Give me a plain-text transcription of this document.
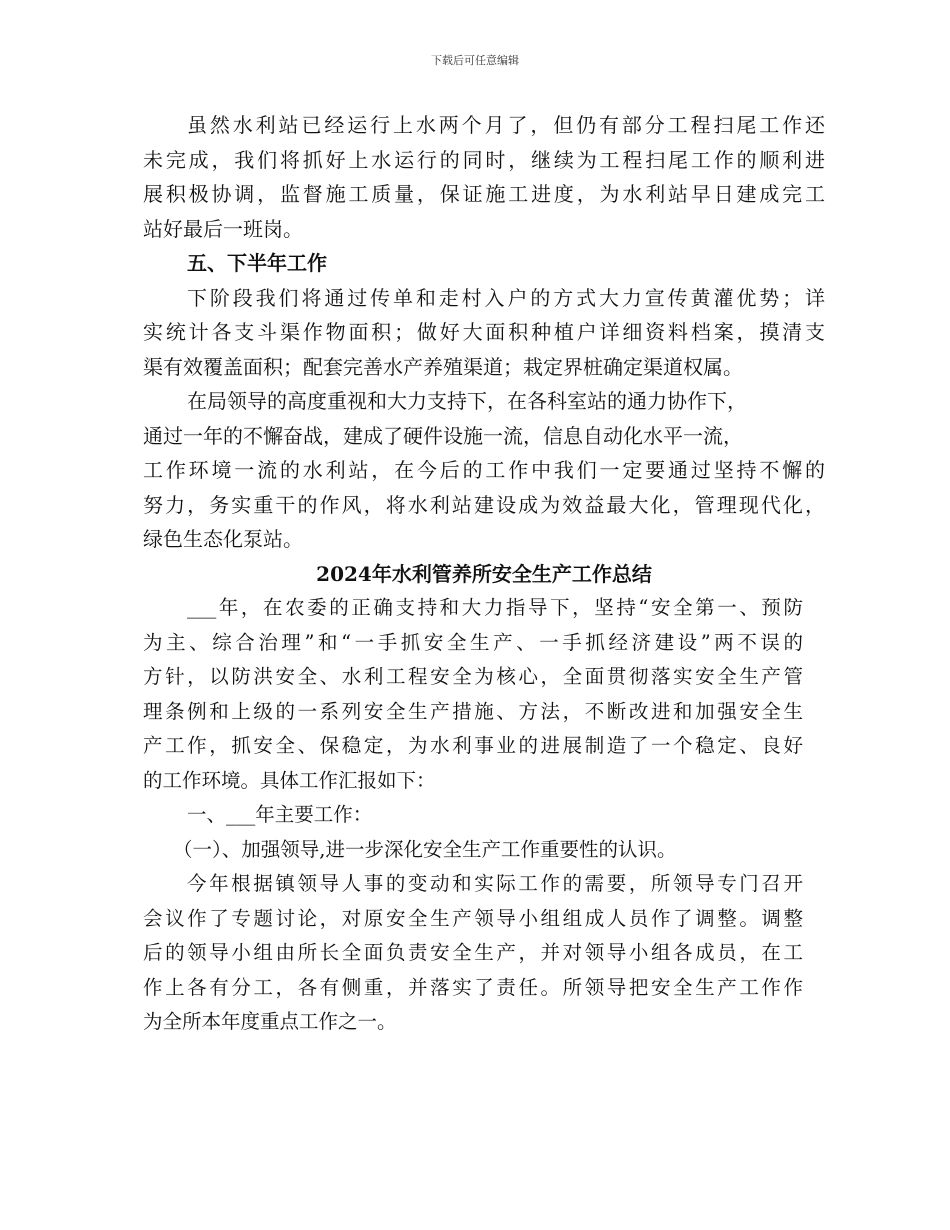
下载后可任意编辑
虽然水利站已经运行上水两个月了，但仍有部分工程扫尾工作还
未完成，我们将抓好上水运行的同时，继续为工程扫尾工作的顺利进
展积极协调，监督施工质量，保证施工进度，为水利站早日建成完工
站好最后一班岗。
五、下半年工作
下阶段我们将通过传单和走村入户的方式大力宣传黄灌优势；详
实统计各支斗渠作物面积；做好大面积种植户详细资料档案，摸清支
渠有效覆盖面积；配套完善水产养殖渠道；栽定界桩确定渠道权属。
在局领导的高度重视和大力支持下，在各科室站的通力协作下，
通过一年的不懈奋战，建成了硬件设施一流，信息自动化水平一流，
工作环境一流的水利站，在今后的工作中我们一定要通过坚持不懈的
努力，务实重干的作风，将水利站建设成为效益最大化，管理现代化，
绿色生态化泵站。
2024年水利管养所安全生产工作总结
___年，在农委的正确支持和大力指导下，坚持“安全第一、预防
为主、综合治理”和“一手抓安全生产、一手抓经济建设”两不误的
方针，以防洪安全、水利工程安全为核心，全面贯彻落实安全生产管
理条例和上级的一系列安全生产措施、方法，不断改进和加强安全生
产工作，抓安全、保稳定，为水利事业的进展制造了一个稳定、良好
的工作环境。具体工作汇报如下：
一、___年主要工作：
（一）、加强领导,进一步深化安全生产工作重要性的认识。
今年根据镇领导人事的变动和实际工作的需要，所领导专门召开
会议作了专题讨论，对原安全生产领导小组组成人员作了调整。调整
后的领导小组由所长全面负责安全生产，并对领导小组各成员，在工
作上各有分工，各有侧重，并落实了责任。所领导把安全生产工作作
为全所本年度重点工作之一。
